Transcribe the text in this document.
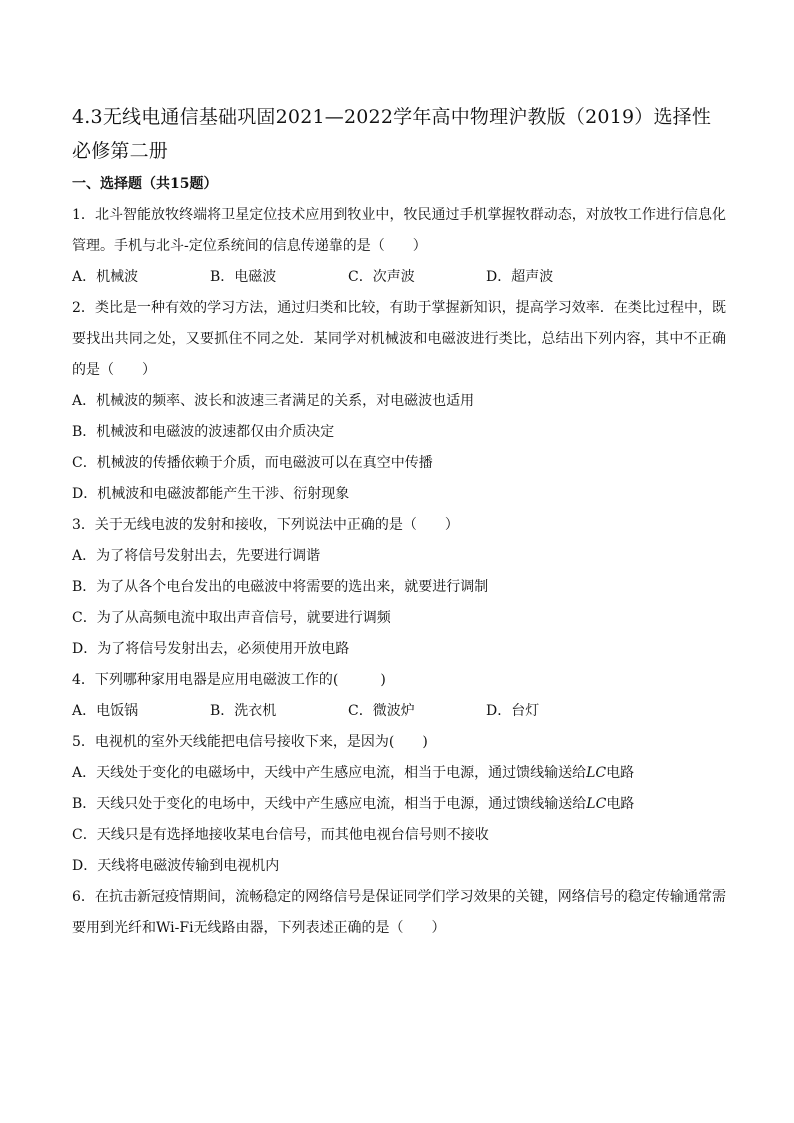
4.3无线电通信基础巩固2021—2022学年高中物理沪教版（2019）选择性必修第二册
一、选择题（共15题）
1．北斗智能放牧终端将卫星定位技术应用到牧业中，牧民通过手机掌握牧群动态，对放牧工作进行信息化管理。手机与北斗-定位系统间的信息传递靠的是（　　）
A．机械波	B．电磁波	C．次声波	D．超声波
2．类比是一种有效的学习方法，通过归类和比较，有助于掌握新知识，提高学习效率．在类比过程中，既要找出共同之处，又要抓住不同之处．某同学对机械波和电磁波进行类比，总结出下列内容，其中不正确的是（　　）
A．机械波的频率、波长和波速三者满足的关系，对电磁波也适用
B．机械波和电磁波的波速都仅由介质决定
C．机械波的传播依赖于介质，而电磁波可以在真空中传播
D．机械波和电磁波都能产生干涉、衍射现象
3．关于无线电波的发射和接收，下列说法中正确的是（　　）
A．为了将信号发射出去，先要进行调谐
B．为了从各个电台发出的电磁波中将需要的选出来，就要进行调制
C．为了从高频电流中取出声音信号，就要进行调频
D．为了将信号发射出去，必须使用开放电路
4．下列哪种家用电器是应用电磁波工作的(　　　)
A．电饭锅	B．洗衣机	C．微波炉	D．台灯
5．电视机的室外天线能把电信号接收下来，是因为(　　)
A．天线处于变化的电磁场中，天线中产生感应电流，相当于电源，通过馈线输送给LC电路
B．天线只处于变化的电场中，天线中产生感应电流，相当于电源，通过馈线输送给LC电路
C．天线只是有选择地接收某电台信号，而其他电视台信号则不接收
D．天线将电磁波传输到电视机内
6．在抗击新冠疫情期间，流畅稳定的网络信号是保证同学们学习效果的关键，网络信号的稳定传输通常需要用到光纤和Wi-Fi无线路由器，下列表述正确的是（　　）
